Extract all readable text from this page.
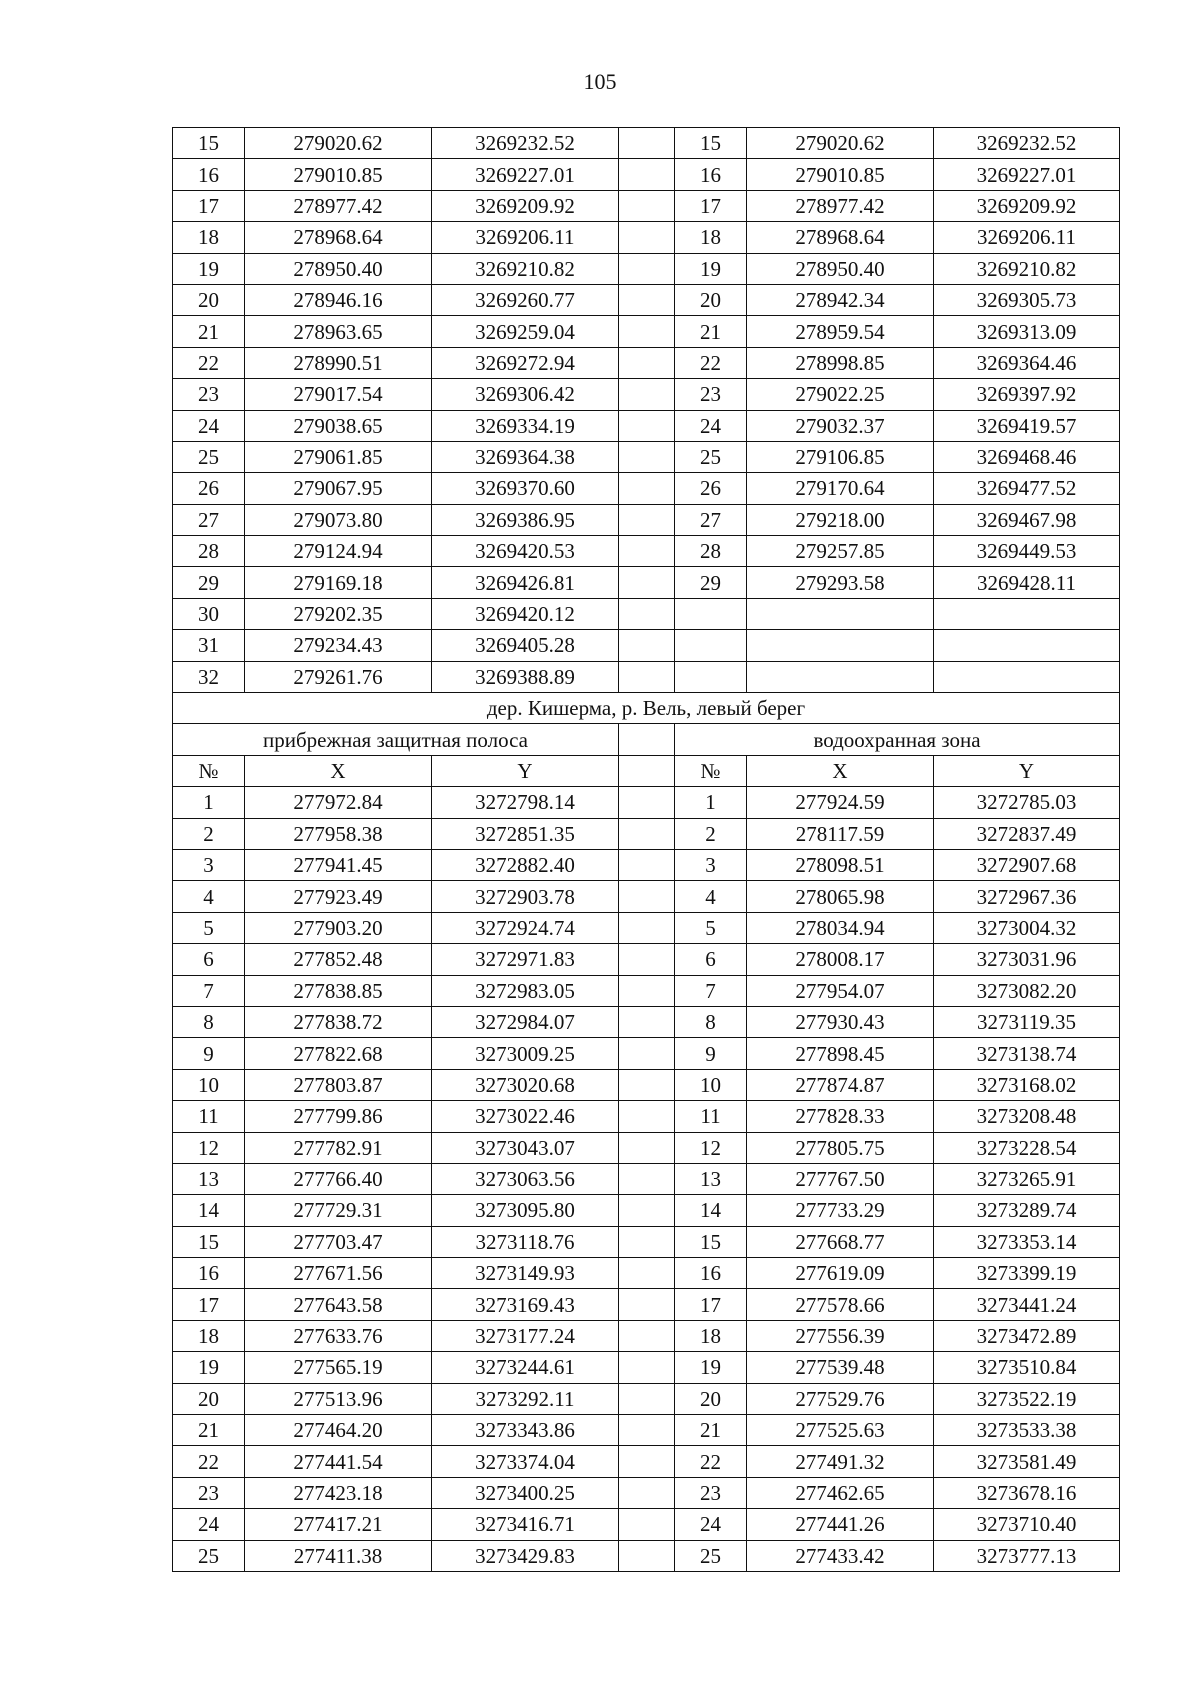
105
15	279020.62	3269232.52		15	279020.62	3269232.52
16	279010.85	3269227.01		16	279010.85	3269227.01
17	278977.42	3269209.92		17	278977.42	3269209.92
18	278968.64	3269206.11		18	278968.64	3269206.11
19	278950.40	3269210.82		19	278950.40	3269210.82
20	278946.16	3269260.77		20	278942.34	3269305.73
21	278963.65	3269259.04		21	278959.54	3269313.09
22	278990.51	3269272.94		22	278998.85	3269364.46
23	279017.54	3269306.42		23	279022.25	3269397.92
24	279038.65	3269334.19		24	279032.37	3269419.57
25	279061.85	3269364.38		25	279106.85	3269468.46
26	279067.95	3269370.60		26	279170.64	3269477.52
27	279073.80	3269386.95		27	279218.00	3269467.98
28	279124.94	3269420.53		28	279257.85	3269449.53
29	279169.18	3269426.81		29	279293.58	3269428.11
30	279202.35	3269420.12				
31	279234.43	3269405.28				
32	279261.76	3269388.89				
дер. Кишерма, р. Вель, левый берег						
прибрежная защитная полоса				водоохранная зона		
№	X	Y		№	X	Y
1	277972.84	3272798.14		1	277924.59	3272785.03
2	277958.38	3272851.35		2	278117.59	3272837.49
3	277941.45	3272882.40		3	278098.51	3272907.68
4	277923.49	3272903.78		4	278065.98	3272967.36
5	277903.20	3272924.74		5	278034.94	3273004.32
6	277852.48	3272971.83		6	278008.17	3273031.96
7	277838.85	3272983.05		7	277954.07	3273082.20
8	277838.72	3272984.07		8	277930.43	3273119.35
9	277822.68	3273009.25		9	277898.45	3273138.74
10	277803.87	3273020.68		10	277874.87	3273168.02
11	277799.86	3273022.46		11	277828.33	3273208.48
12	277782.91	3273043.07		12	277805.75	3273228.54
13	277766.40	3273063.56		13	277767.50	3273265.91
14	277729.31	3273095.80		14	277733.29	3273289.74
15	277703.47	3273118.76		15	277668.77	3273353.14
16	277671.56	3273149.93		16	277619.09	3273399.19
17	277643.58	3273169.43		17	277578.66	3273441.24
18	277633.76	3273177.24		18	277556.39	3273472.89
19	277565.19	3273244.61		19	277539.48	3273510.84
20	277513.96	3273292.11		20	277529.76	3273522.19
21	277464.20	3273343.86		21	277525.63	3273533.38
22	277441.54	3273374.04		22	277491.32	3273581.49
23	277423.18	3273400.25		23	277462.65	3273678.16
24	277417.21	3273416.71		24	277441.26	3273710.40
25	277411.38	3273429.83		25	277433.42	3273777.13
